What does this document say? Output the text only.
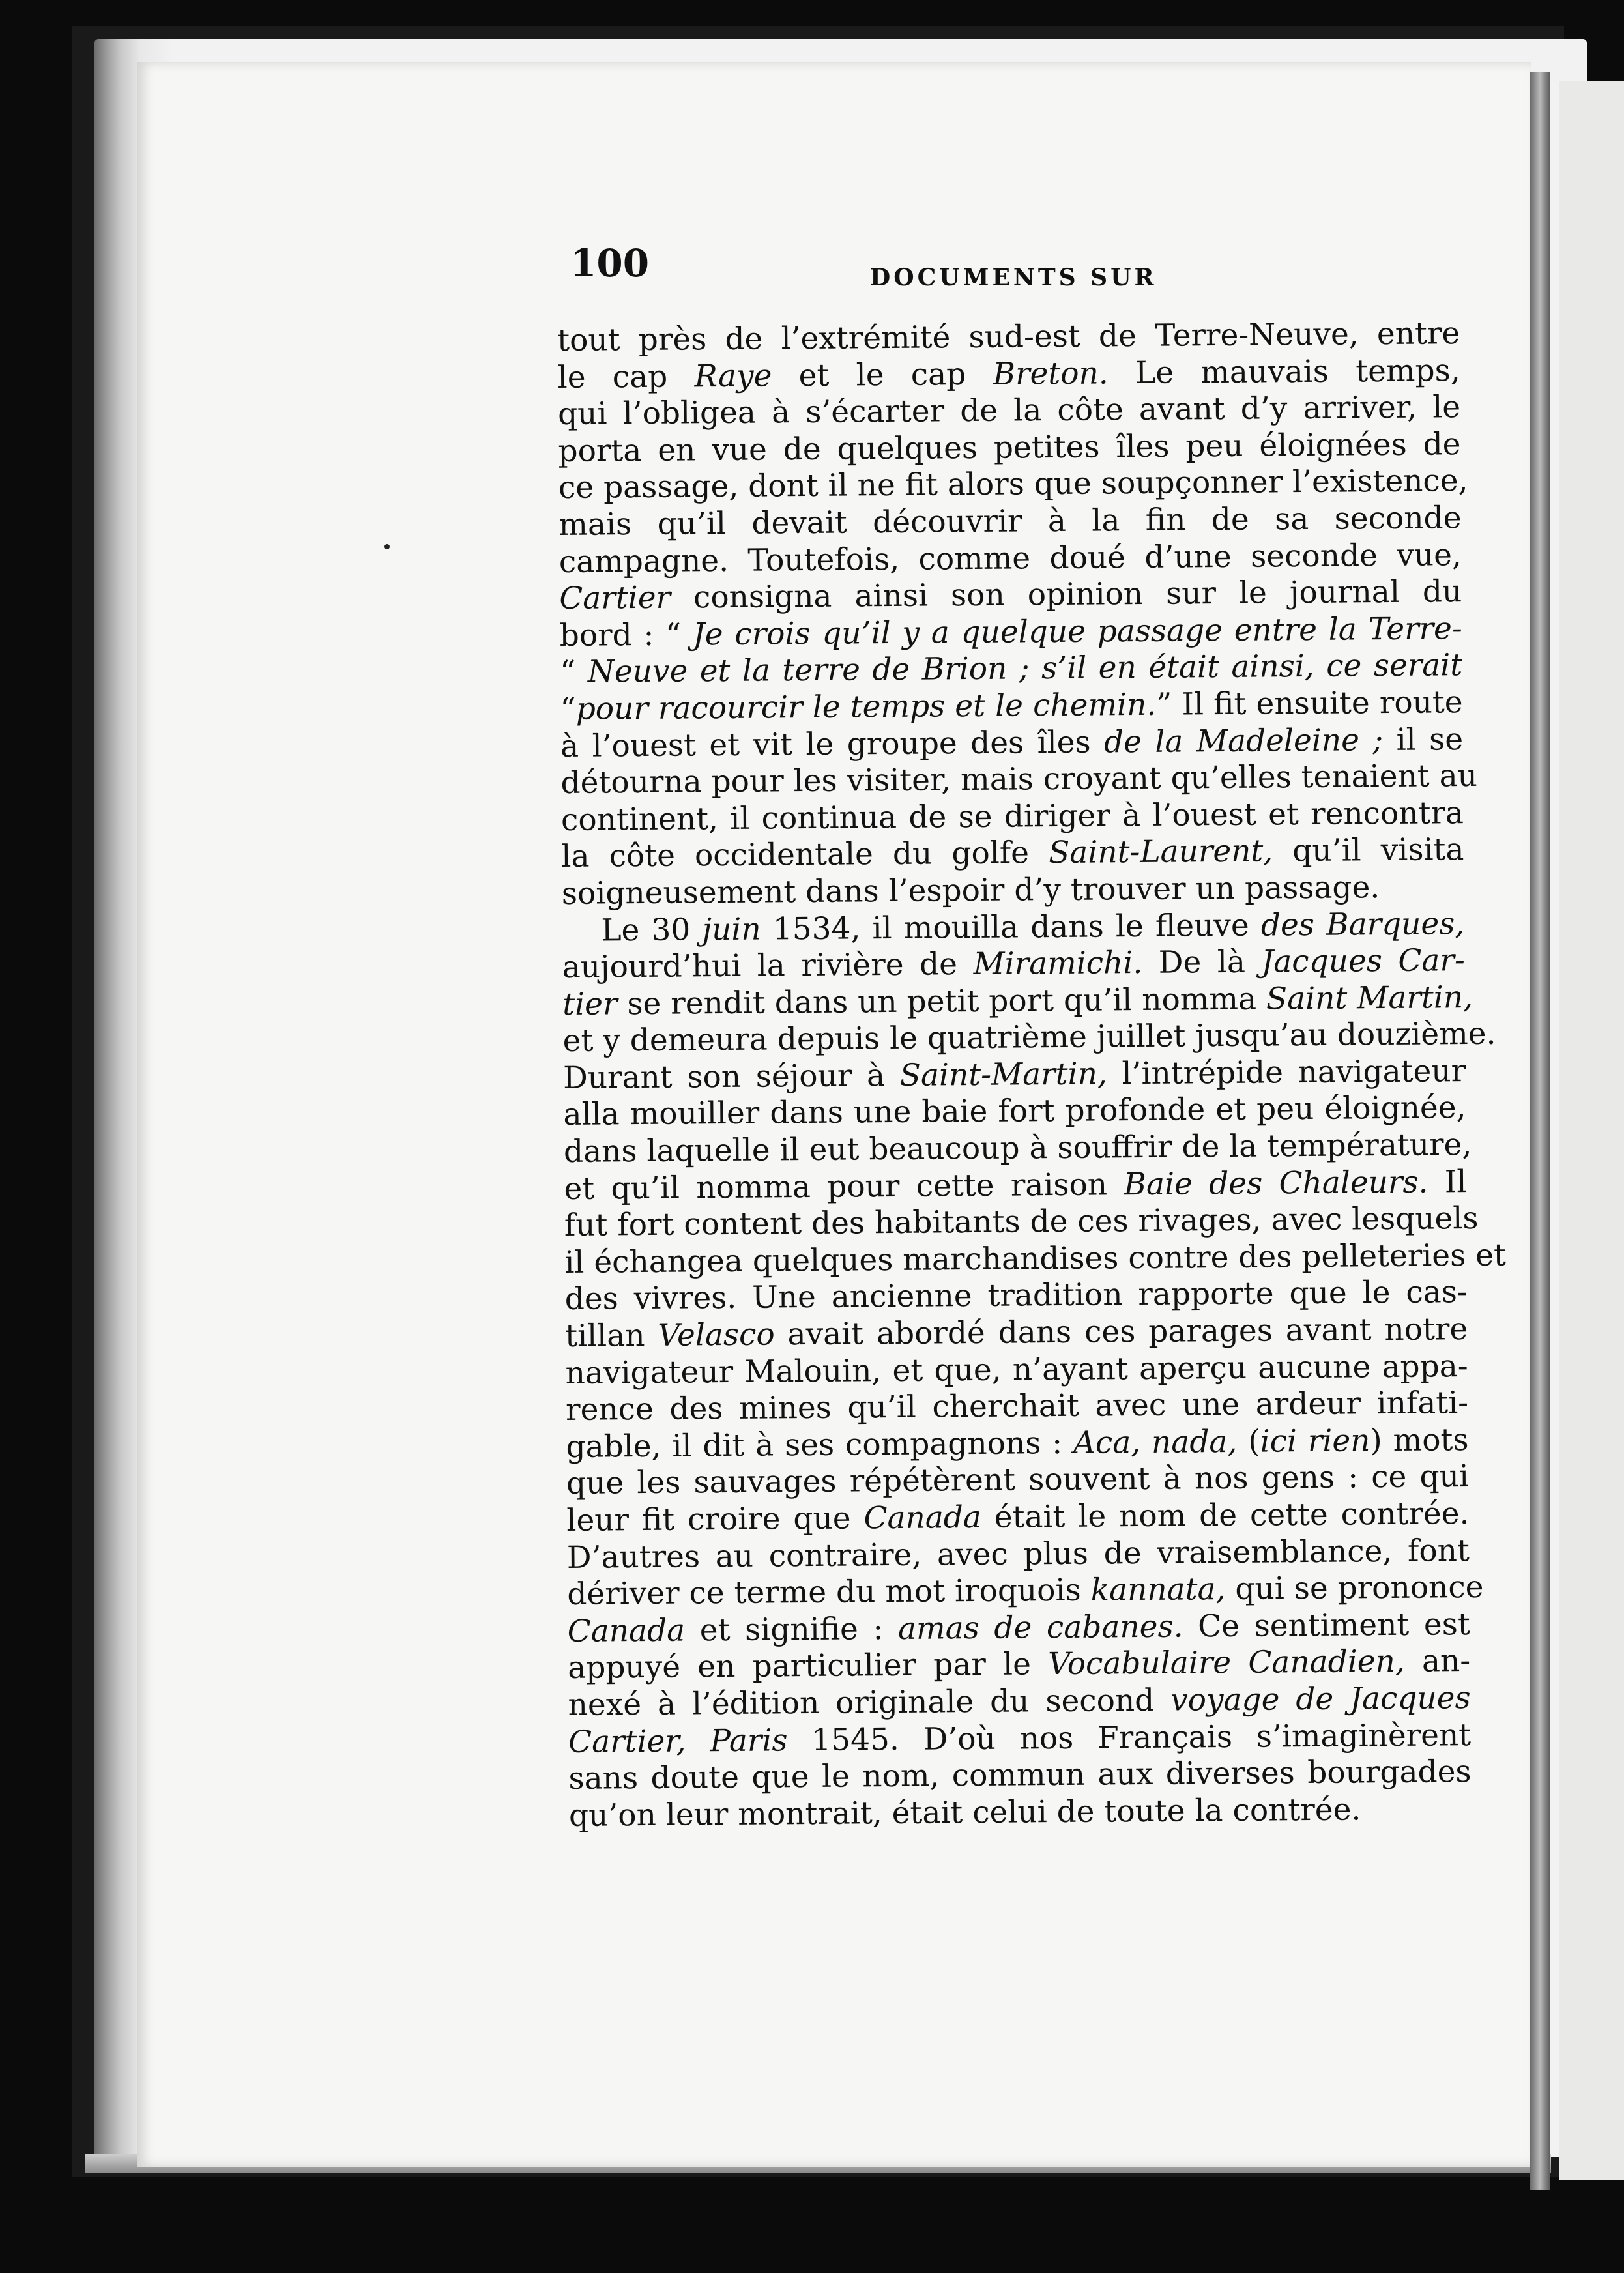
100	DOCUMENTS SUR
tout près de l’extrémité sud-est de Terre-Neuve, entre
le cap Raye et le cap Breton. Le mauvais temps,
qui l’obligea à s’écarter de la côte avant d’y arriver, le
porta en vue de quelques petites îles peu éloignées de
ce passage, dont il ne fit alors que soupçonner l’existence,
mais qu’il devait découvrir à la fin de sa seconde
campagne. Toutefois, comme doué d’une seconde vue,
Cartier consigna ainsi son opinion sur le journal du
bord : “ Je crois qu’il y a quelque passage entre la Terre-
“ Neuve et la terre de Brion ; s’il en était ainsi, ce serait
“pour racourcir le temps et le chemin.” Il fit ensuite route
à l’ouest et vit le groupe des îles de la Madeleine ; il se
détourna pour les visiter, mais croyant qu’elles tenaient au
continent, il continua de se diriger à l’ouest et rencontra
la côte occidentale du golfe Saint-Laurent, qu’il visita
soigneusement dans l’espoir d’y trouver un passage.
Le 30 juin 1534, il mouilla dans le fleuve des Barques,
aujourd’hui la rivière de Miramichi. De là Jacques Car-
tier se rendit dans un petit port qu’il nomma Saint Martin,
et y demeura depuis le quatrième juillet jusqu’au douzième.
Durant son séjour à Saint-Martin, l’intrépide navigateur
alla mouiller dans une baie fort profonde et peu éloignée,
dans laquelle il eut beaucoup à souffrir de la température,
et qu’il nomma pour cette raison Baie des Chaleurs. Il
fut fort content des habitants de ces rivages, avec lesquels
il échangea quelques marchandises contre des pelleteries et
des vivres. Une ancienne tradition rapporte que le cas-
tillan Velasco avait abordé dans ces parages avant notre
navigateur Malouin, et que, n’ayant aperçu aucune appa-
rence des mines qu’il cherchait avec une ardeur infati-
gable, il dit à ses compagnons : Aca, nada, (ici rien) mots
que les sauvages répétèrent souvent à nos gens : ce qui
leur fit croire que Canada était le nom de cette contrée.
D’autres au contraire, avec plus de vraisemblance, font
dériver ce terme du mot iroquois kannata, qui se prononce
Canada et signifie : amas de cabanes. Ce sentiment est
appuyé en particulier par le Vocabulaire Canadien, an-
nexé à l’édition originale du second voyage de Jacques
Cartier, Paris 1545. D’où nos Français s’imaginèrent
sans doute que le nom, commun aux diverses bourgades
qu’on leur montrait, était celui de toute la contrée.
